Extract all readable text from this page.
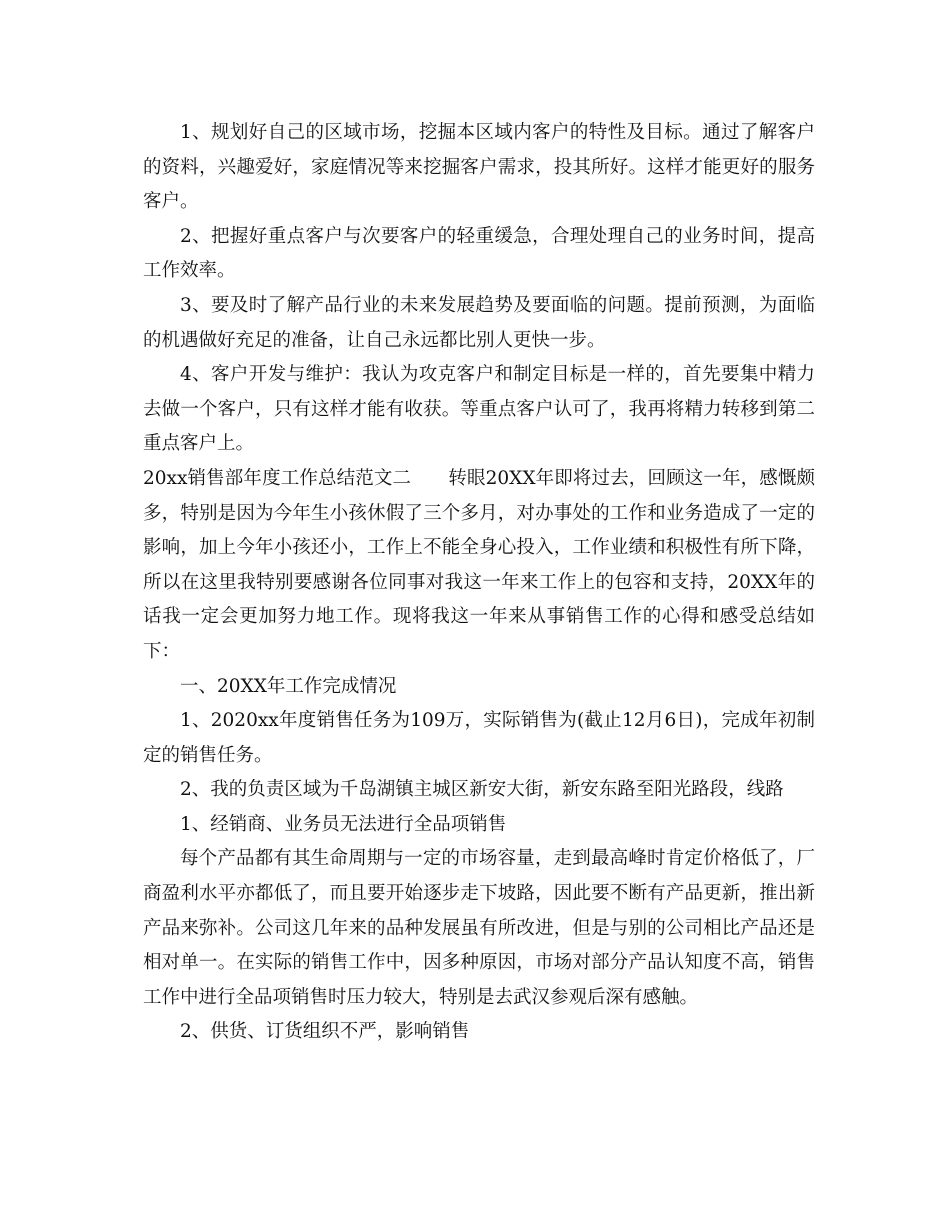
1、规划好自己的区域市场，挖掘本区域内客户的特性及目标。通过了解客户的资料，兴趣爱好，家庭情况等来挖掘客户需求，投其所好。这样才能更好的服务客户。

2、把握好重点客户与次要客户的轻重缓急，合理处理自己的业务时间，提高工作效率。

3、要及时了解产品行业的未来发展趋势及要面临的问题。提前预测，为面临的机遇做好充足的准备，让自己永远都比别人更快一步。

4、客户开发与维护：我认为攻克客户和制定目标是一样的，首先要集中精力去做一个客户，只有这样才能有收获。等重点客户认可了，我再将精力转移到第二重点客户上。

20xx销售部年度工作总结范文二　　转眼20XX年即将过去，回顾这一年，感慨颇多，特别是因为今年生小孩休假了三个多月，对办事处的工作和业务造成了一定的影响，加上今年小孩还小，工作上不能全身心投入，工作业绩和积极性有所下降，所以在这里我特别要感谢各位同事对我这一年来工作上的包容和支持，20XX年的话我一定会更加努力地工作。现将我这一年来从事销售工作的心得和感受总结如下：

一、20XX年工作完成情况

1、2020xx年度销售任务为109万，实际销售为(截止12月6日)，完成年初制定的销售任务。

2、我的负责区域为千岛湖镇主城区新安大街，新安东路至阳光路段，线路

1、经销商、业务员无法进行全品项销售

每个产品都有其生命周期与一定的市场容量，走到最高峰时肯定价格低了，厂商盈利水平亦都低了，而且要开始逐步走下坡路，因此要不断有产品更新，推出新产品来弥补。公司这几年来的品种发展虽有所改进，但是与别的公司相比产品还是相对单一。在实际的销售工作中，因多种原因，市场对部分产品认知度不高，销售工作中进行全品项销售时压力较大，特别是去武汉参观后深有感触。

2、供货、订货组织不严，影响销售
